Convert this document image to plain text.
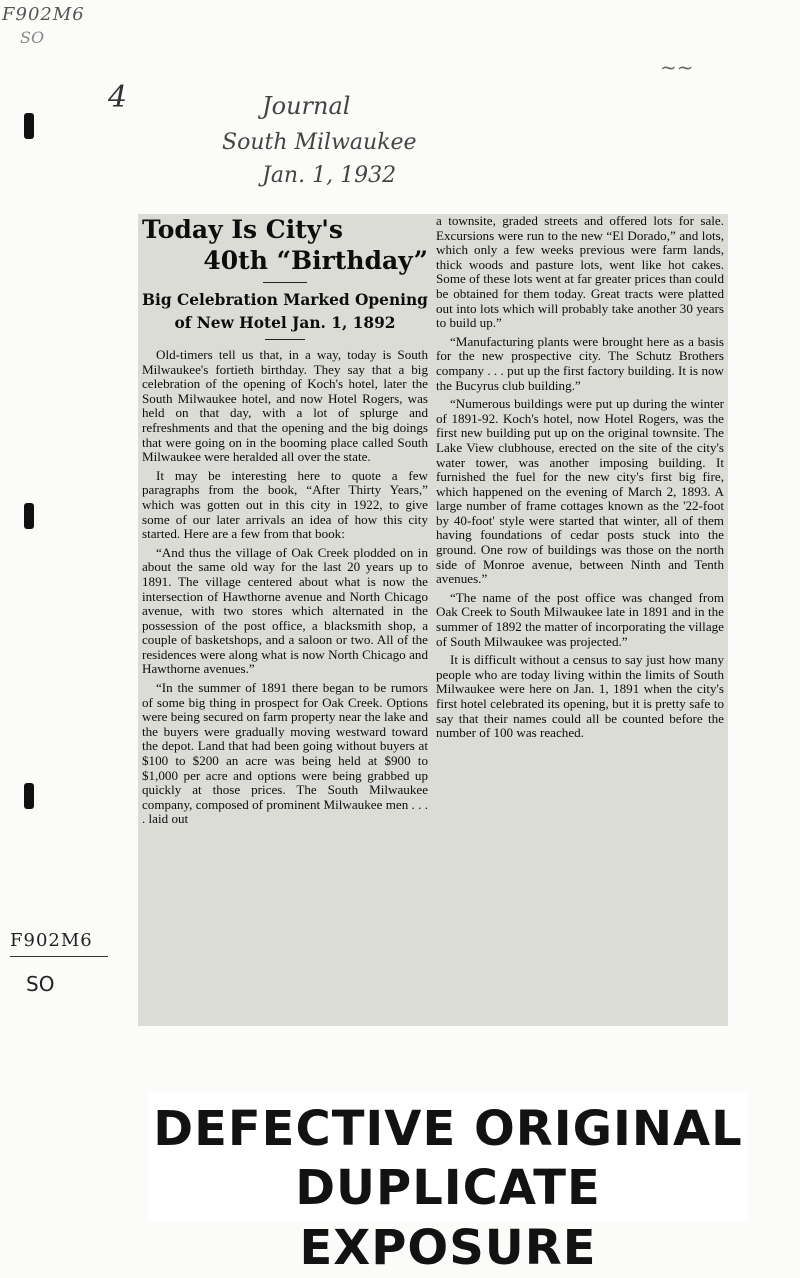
F902M6
SO
4
~~
Journal
South Milwaukee
Jan. 1, 1932
F902M6
SO
Today Is City's
40th “Birthday”
Big Celebration Marked Opening of New Hotel Jan. 1, 1892

Old-timers tell us that, in a way, today is South Milwaukee's fortieth birthday. They say that a big celebration of the opening of Koch's hotel, later the South Milwaukee hotel, and now Hotel Rogers, was held on that day, with a lot of splurge and refreshments and that the opening and the big doings that were going on in the booming place called South Milwaukee were heralded all over the state.

It may be interesting here to quote a few paragraphs from the book, “After Thirty Years,” which was gotten out in this city in 1922, to give some of our later arrivals an idea of how this city started. Here are a few from that book:

“And thus the village of Oak Creek plodded on in about the same old way for the last 20 years up to 1891. The village centered about what is now the intersection of Hawthorne avenue and North Chicago avenue, with two stores which alternated in the possession of the post office, a blacksmith shop, a couple of basketshops, and a saloon or two. All of the residences were along what is now North Chicago and Hawthorne avenues.”

“In the summer of 1891 there began to be rumors of some big thing in prospect for Oak Creek. Options were being secured on farm property near the lake and the buyers were gradually moving westward toward the depot. Land that had been going without buyers at $100 to $200 an acre was being held at $900 to $1,000 per acre and options were being grabbed up quickly at those prices. The South Milwaukee company, composed of prominent Milwaukee men . . . . laid out

a townsite, graded streets and offered lots for sale. Excursions were run to the new “El Dorado,” and lots, which only a few weeks previous were farm lands, thick woods and pasture lots, went like hot cakes. Some of these lots went at far greater prices than could be obtained for them today. Great tracts were platted out into lots which will probably take another 30 years to build up.”

“Manufacturing plants were brought here as a basis for the new prospective city. The Schutz Brothers company . . . put up the first factory building. It is now the Bucyrus club building.”

“Numerous buildings were put up during the winter of 1891-92. Koch's hotel, now Hotel Rogers, was the first new building put up on the original townsite. The Lake View clubhouse, erected on the site of the city's water tower, was another imposing building. It furnished the fuel for the new city's first big fire, which happened on the evening of March 2, 1893. A large number of frame cottages known as the '22-foot by 40-foot' style were started that winter, all of them having foundations of cedar posts stuck into the ground. One row of buildings was those on the north side of Monroe avenue, between Ninth and Tenth avenues.”

“The name of the post office was changed from Oak Creek to South Milwaukee late in 1891 and in the summer of 1892 the matter of incorporating the village of South Milwaukee was projected.”

It is difficult without a census to say just how many people who are today living within the limits of South Milwaukee were here on Jan. 1, 1891 when the city's first hotel celebrated its opening, but it is pretty safe to say that their names could all be counted before the number of 100 was reached.

DEFECTIVE ORIGINAL
DUPLICATE EXPOSURE
